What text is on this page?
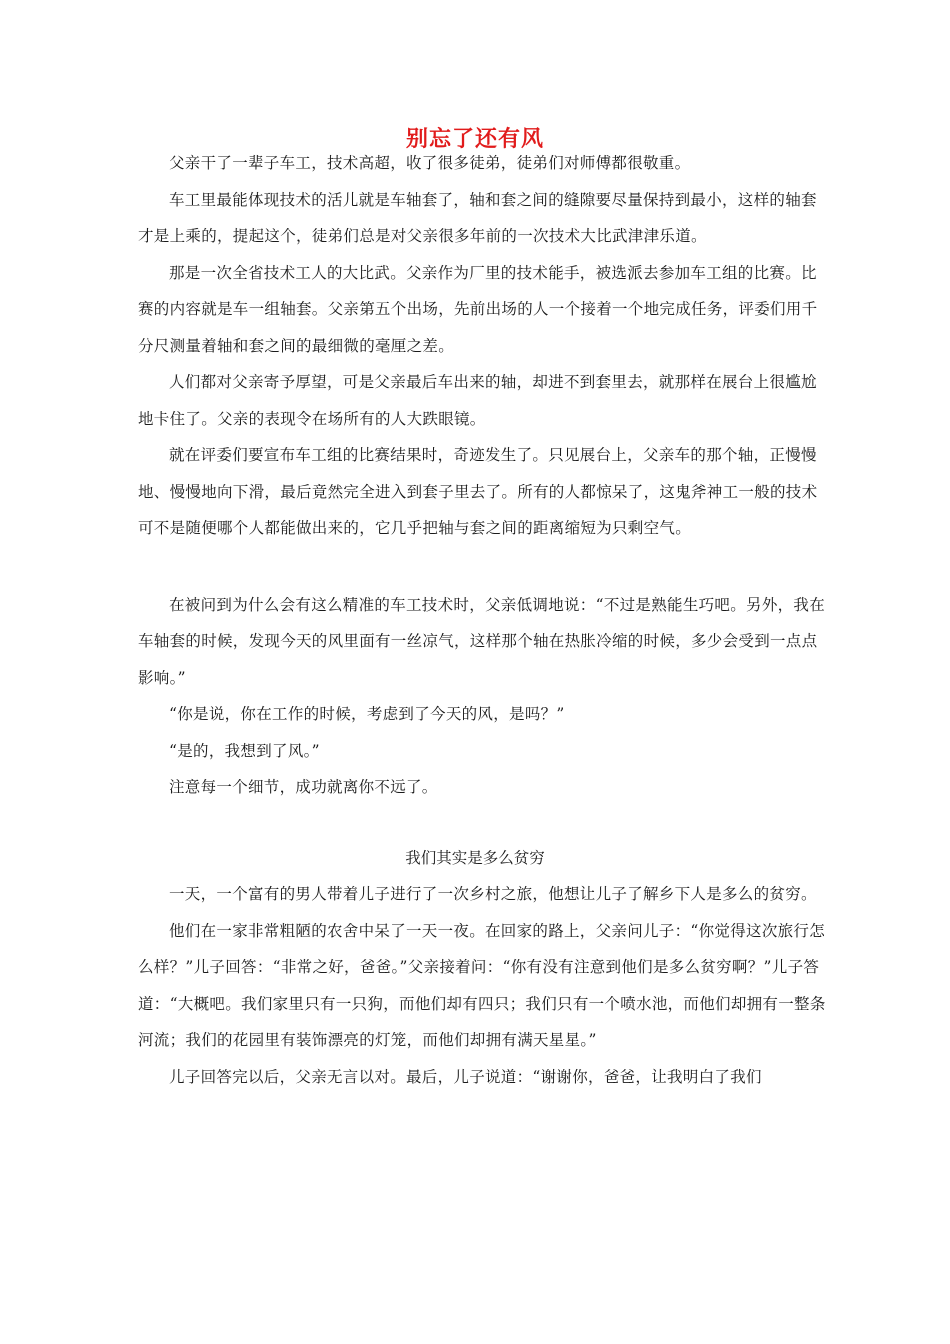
别忘了还有风

父亲干了一辈子车工，技术高超，收了很多徒弟，徒弟们对师傅都很敬重。

车工里最能体现技术的活儿就是车轴套了，轴和套之间的缝隙要尽量保持到最小，这样的轴套才是上乘的，提起这个，徒弟们总是对父亲很多年前的一次技术大比武津津乐道。

那是一次全省技术工人的大比武。父亲作为厂里的技术能手，被选派去参加车工组的比赛。比赛的内容就是车一组轴套。父亲第五个出场，先前出场的人一个接着一个地完成任务，评委们用千分尺测量着轴和套之间的最细微的毫厘之差。

人们都对父亲寄予厚望，可是父亲最后车出来的轴，却进不到套里去，就那样在展台上很尴尬地卡住了。父亲的表现令在场所有的人大跌眼镜。

就在评委们要宣布车工组的比赛结果时，奇迹发生了。只见展台上，父亲车的那个轴，正慢慢地、慢慢地向下滑，最后竟然完全进入到套子里去了。所有的人都惊呆了，这鬼斧神工一般的技术可不是随便哪个人都能做出来的，它几乎把轴与套之间的距离缩短为只剩空气。

在被问到为什么会有这么精准的车工技术时，父亲低调地说：“不过是熟能生巧吧。另外，我在车轴套的时候，发现今天的风里面有一丝凉气，这样那个轴在热胀冷缩的时候，多少会受到一点点影响。”

“你是说，你在工作的时候，考虑到了今天的风，是吗？”

“是的，我想到了风。”

注意每一个细节，成功就离你不远了。

我们其实是多么贫穷

一天，一个富有的男人带着儿子进行了一次乡村之旅，他想让儿子了解乡下人是多么的贫穷。

他们在一家非常粗陋的农舍中呆了一天一夜。在回家的路上，父亲问儿子：“你觉得这次旅行怎么样？”儿子回答：“非常之好，爸爸。”父亲接着问：“你有没有注意到他们是多么贫穷啊？”儿子答道：“大概吧。我们家里只有一只狗，而他们却有四只；我们只有一个喷水池，而他们却拥有一整条河流；我们的花园里有装饰漂亮的灯笼，而他们却拥有满天星星。”

儿子回答完以后，父亲无言以对。最后，儿子说道：“谢谢你，爸爸，让我明白了我们
